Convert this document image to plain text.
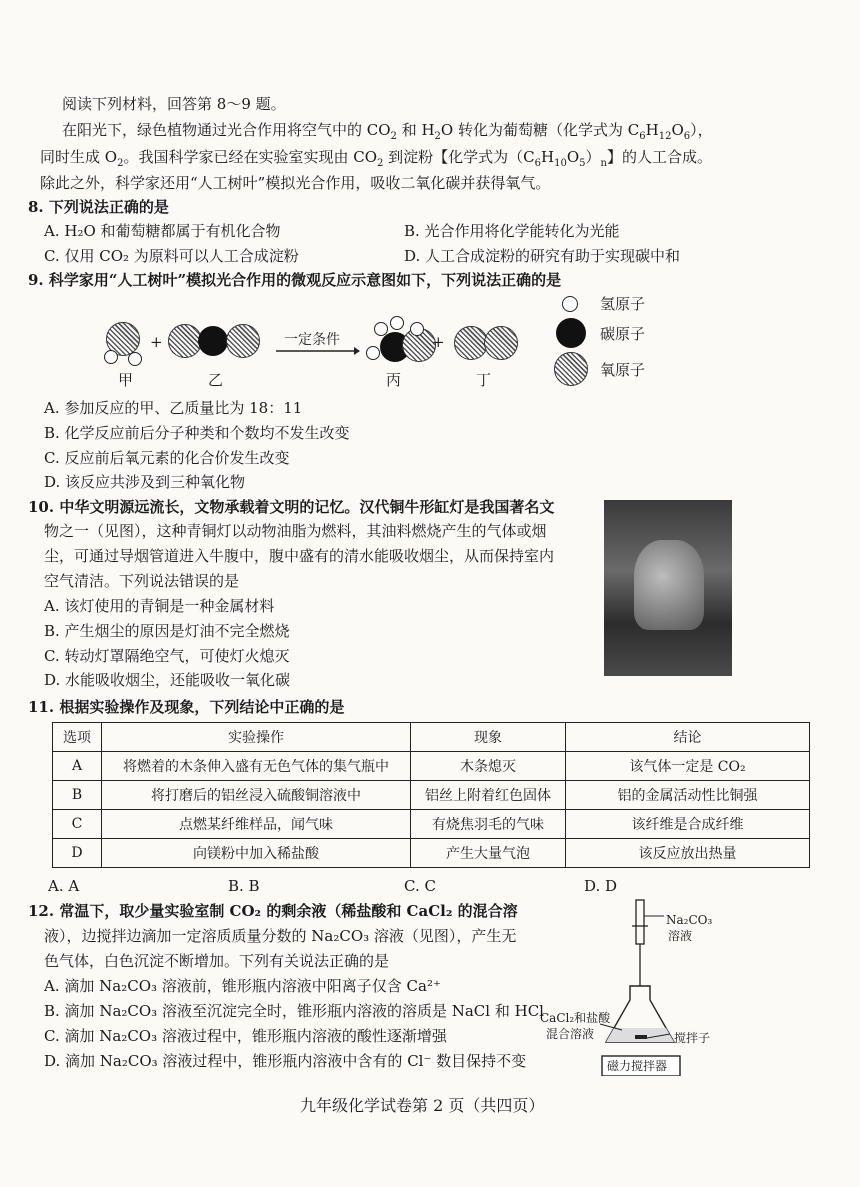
阅读下列材料，回答第 8～9 题。
在阳光下，绿色植物通过光合作用将空气中的 $CO_2$ 和 $H_2O$ 转化为葡萄糖（化学式为 $C_6H_{12}O_6$），
同时生成 $O_2$。我国科学家已经在实验室实现由 $CO_2$ 到淀粉【化学式为$(C_6H_{10}O_5)_n$】的人工合成。
除此之外，科学家还用“人工树叶”模拟光合作用，吸收二氧化碳并获得氧气。
8. 下列说法正确的是
A. H₂O 和葡萄糖都属于有机化合物	B. 光合作用将化学能转化为光能
C. 仅用 CO₂ 为原料可以人工合成淀粉	D. 人工合成淀粉的研究有助于实现碳中和
9. 科学家用“人工树叶”模拟光合作用的微观反应示意图如下，下列说法正确的是
+	一定条件	+
甲	乙	丙	丁
氢原子
碳原子
氧原子
A. 参加反应的甲、乙质量比为 18：11
B. 化学反应前后分子种类和个数均不发生改变
C. 反应前后氧元素的化合价发生改变
D. 该反应共涉及到三种氧化物
10. 中华文明源远流长，文物承载着文明的记忆。汉代铜牛形缸灯是我国著名文
物之一（见图），这种青铜灯以动物油脂为燃料，其油料燃烧产生的气体或烟
尘，可通过导烟管道进入牛腹中，腹中盛有的清水能吸收烟尘，从而保持室内
空气清洁。下列说法错误的是
A. 该灯使用的青铜是一种金属材料
B. 产生烟尘的原因是灯油不完全燃烧
C. 转动灯罩隔绝空气，可使灯火熄灭
D. 水能吸收烟尘，还能吸收一氧化碳
11. 根据实验操作及现象，下列结论中正确的是
选项	实验操作	现象	结论
A	将燃着的木条伸入盛有无色气体的集气瓶中	木条熄灭	该气体一定是 CO₂
B	将打磨后的铝丝浸入硫酸铜溶液中	铝丝上附着红色固体	铝的金属活动性比铜强
C	点燃某纤维样品，闻气味	有烧焦羽毛的气味	该纤维是合成纤维
D	向镁粉中加入稀盐酸	产生大量气泡	该反应放出热量
A. A	B. B	C. C	D. D
12. 常温下，取少量实验室制 CO₂ 的剩余液（稀盐酸和 CaCl₂ 的混合溶
液），边搅拌边滴加一定溶质质量分数的 Na₂CO₃ 溶液（见图），产生无
色气体，白色沉淀不断增加。下列有关说法正确的是
A. 滴加 Na₂CO₃ 溶液前，锥形瓶内溶液中阳离子仅含 Ca²⁺
B. 滴加 Na₂CO₃ 溶液至沉淀完全时，锥形瓶内溶液的溶质是 NaCl 和 HCl
C. 滴加 Na₂CO₃ 溶液过程中，锥形瓶内溶液的酸性逐渐增强
D. 滴加 Na₂CO₃ 溶液过程中，锥形瓶内溶液中含有的 Cl⁻ 数目保持不变
Na₂CO₃
溶液
CaCl₂和盐酸
混合溶液	搅拌子
磁力搅拌器
九年级化学试卷第 2 页（共四页）
